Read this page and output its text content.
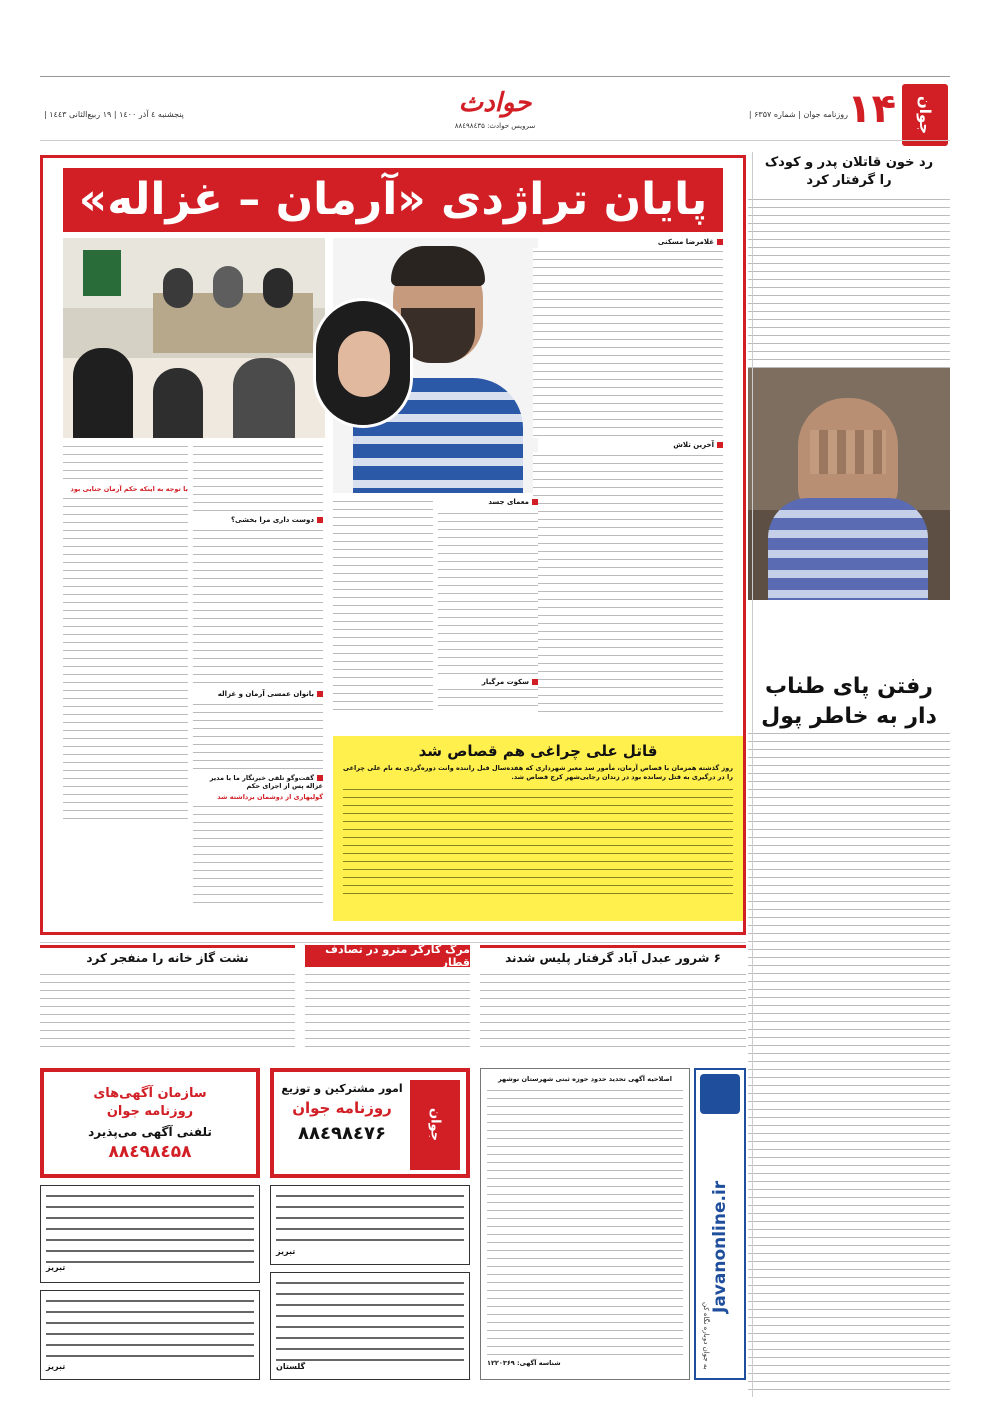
جوان
۱۴
روزنامه جوان | شماره ۶۳۵۷ |
پنجشنبه ٤ آذر ۱٤۰۰ | ۱۹ ربیع‌الثانی ۱٤٤۳ |	حوادث
سرویس حوادث: ۸۸٤۹۸٤۳۵
رد خون قاتلان پدر و کودک را گرفتار کرد
رفتن پای طناب دار به خاطر پول
پایان تراژدی «آرمان – غزاله»
غلامرضا مسکنی
آخرین تلاش
معمای جسد
سکوت مرگبار
با توجه به اینکه حکم آرمان جنایی بود
دوست داری مرا بخشی؟
بانوان عمسی آرمان و غزاله
گفت‌وگو تلقی خبرنگار ما با مدیر غزاله پس از اجرای حکم
گولبهاری از دوشمان برداشته شد
قاتل علی چراغی هم قصاص شد
روز گذشته همزمان با قصاص آرمان، مأمور سد معبر شهرداری که هفده‌سال قبل راننده وانت دوره‌گردی به نام علی چراغی را در درگیری به قتل رسانده بود در زندان رجایی‌شهر کرج قصاص شد.
نشت گاز خانه را منفجر کرد
مرگ کارگر مترو در تصادف قطار	۶ شرور عبدل آباد گرفتار پلیس شدند
سازمان آگهی‌های روزنامه جوان
تلفنی آگهی می‌پذیرد
۸۸٤۹۸٤۵۸
جوان
امور مشترکین و توزیع
روزنامه جوان
۸۸٤۹۸٤۷۶
تبریز
تبریز
تبریز	گلستان
اصلاحیه آگهی تحدید حدود حوزه ثبتی شهرستان نوشهر
شناسه آگهی: ۱۲۲۰۳۶۹
Javanonline.ir
به جوان دوباره نگاه کن
